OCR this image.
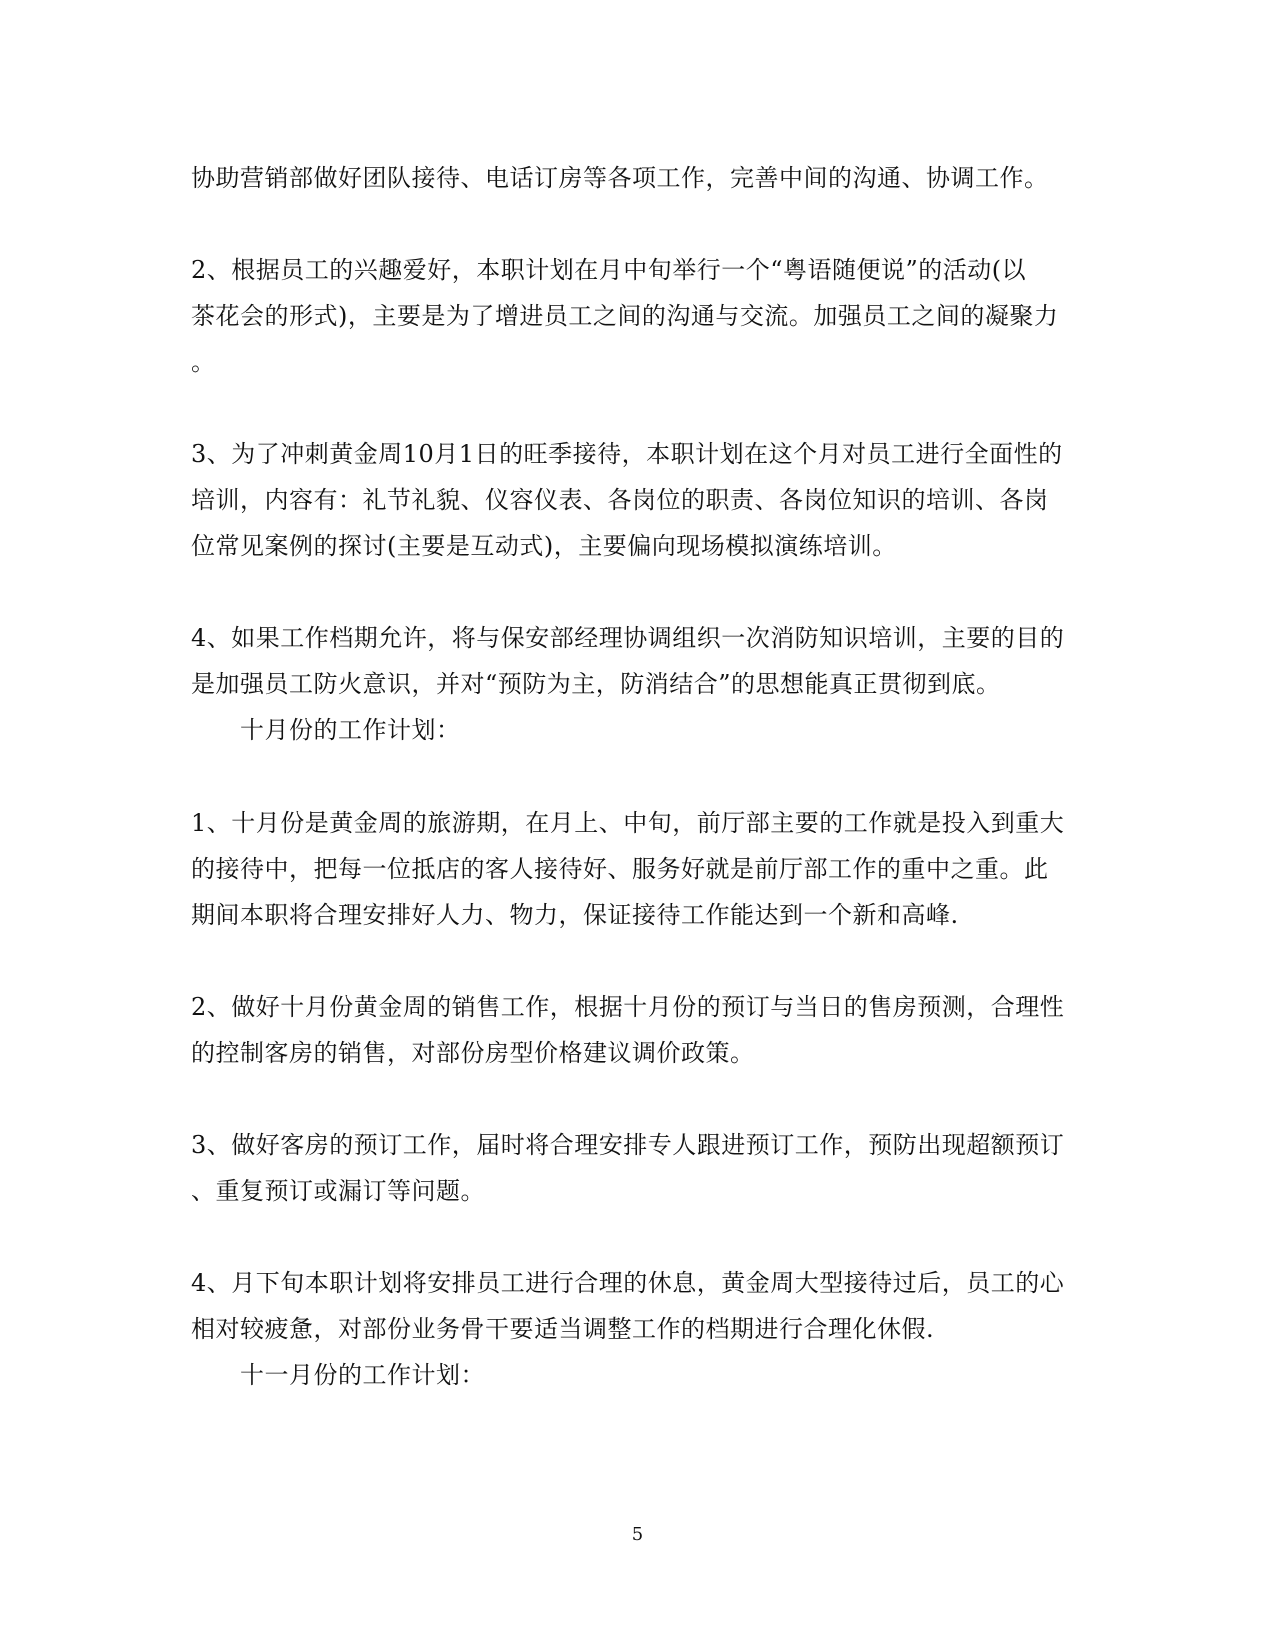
协助营销部做好团队接待、电话订房等各项工作，完善中间的沟通、协调工作。
2、根据员工的兴趣爱好，本职计划在月中旬举行一个“粤语随便说”的活动(以
茶花会的形式)，主要是为了增进员工之间的沟通与交流。加强员工之间的凝聚力
。
3、为了冲刺黄金周10月1日的旺季接待，本职计划在这个月对员工进行全面性的
培训，内容有：礼节礼貌、仪容仪表、各岗位的职责、各岗位知识的培训、各岗
位常见案例的探讨(主要是互动式)，主要偏向现场模拟演练培训。
4、如果工作档期允许，将与保安部经理协调组织一次消防知识培训，主要的目的
是加强员工防火意识，并对“预防为主，防消结合”的思想能真正贯彻到底。
十月份的工作计划：
1、十月份是黄金周的旅游期，在月上、中旬，前厅部主要的工作就是投入到重大
的接待中，把每一位抵店的客人接待好、服务好就是前厅部工作的重中之重。此
期间本职将合理安排好人力、物力，保证接待工作能达到一个新和高峰.
2、做好十月份黄金周的销售工作，根据十月份的预订与当日的售房预测，合理性
的控制客房的销售，对部份房型价格建议调价政策。
3、做好客房的预订工作，届时将合理安排专人跟进预订工作，预防出现超额预订
、重复预订或漏订等问题。
4、月下旬本职计划将安排员工进行合理的休息，黄金周大型接待过后，员工的心
相对较疲惫，对部份业务骨干要适当调整工作的档期进行合理化休假.
十一月份的工作计划：
5
